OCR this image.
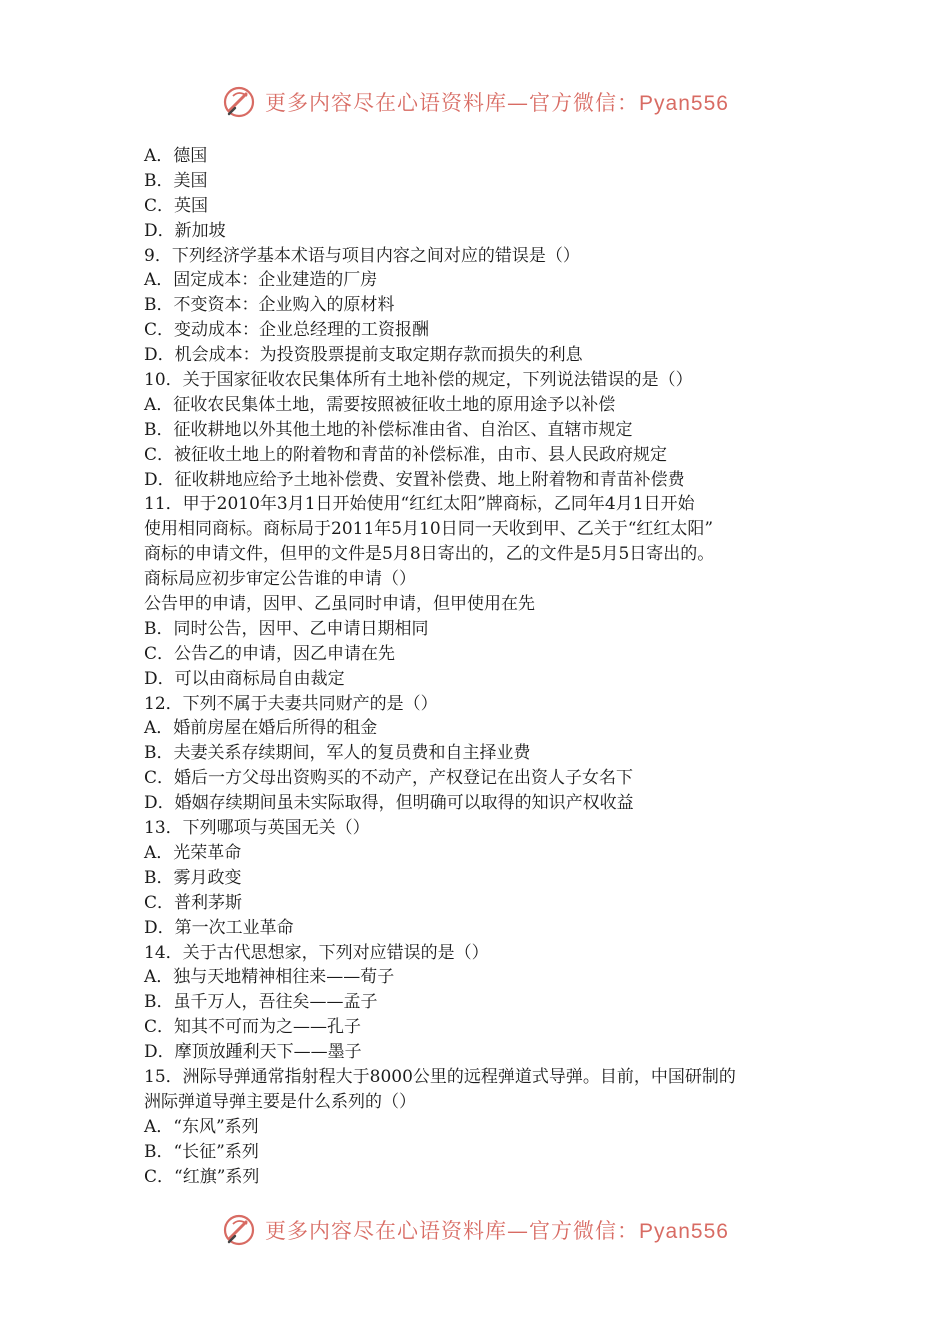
更多内容尽在心语资料库—官方微信：Pyan556
A．德国
B．美国
C．英国
D．新加坡
9．下列经济学基本术语与项目内容之间对应的错误是（）
A．固定成本：企业建造的厂房
B．不变资本：企业购入的原材料
C．变动成本：企业总经理的工资报酬
D．机会成本：为投资股票提前支取定期存款而损失的利息
10．关于国家征收农民集体所有土地补偿的规定，下列说法错误的是（）
A．征收农民集体土地，需要按照被征收土地的原用途予以补偿
B．征收耕地以外其他土地的补偿标准由省、自治区、直辖市规定
C．被征收土地上的附着物和青苗的补偿标准，由市、县人民政府规定
D．征收耕地应给予土地补偿费、安置补偿费、地上附着物和青苗补偿费
11．甲于2010年3月1日开始使用“红红太阳”牌商标，乙同年4月1日开始
使用相同商标。商标局于2011年5月10日同一天收到甲、乙关于“红红太阳”
商标的申请文件，但甲的文件是5月8日寄出的，乙的文件是5月5日寄出的。
商标局应初步审定公告谁的申请（）
公告甲的申请，因甲、乙虽同时申请，但甲使用在先
B．同时公告，因甲、乙申请日期相同
C．公告乙的申请，因乙申请在先
D．可以由商标局自由裁定
12．下列不属于夫妻共同财产的是（）
A．婚前房屋在婚后所得的租金
B．夫妻关系存续期间，军人的复员费和自主择业费
C．婚后一方父母出资购买的不动产，产权登记在出资人子女名下
D．婚姻存续期间虽未实际取得，但明确可以取得的知识产权收益
13．下列哪项与英国无关（）
A．光荣革命
B．雾月政变
C．普利茅斯
D．第一次工业革命
14．关于古代思想家，下列对应错误的是（）
A．独与天地精神相往来——荀子
B．虽千万人，吾往矣——孟子
C．知其不可而为之——孔子
D．摩顶放踵利天下——墨子
15．洲际导弹通常指射程大于8000公里的远程弹道式导弹。目前，中国研制的
洲际弹道导弹主要是什么系列的（）
A．“东风”系列
B．“长征”系列
C．“红旗”系列
更多内容尽在心语资料库—官方微信：Pyan556
